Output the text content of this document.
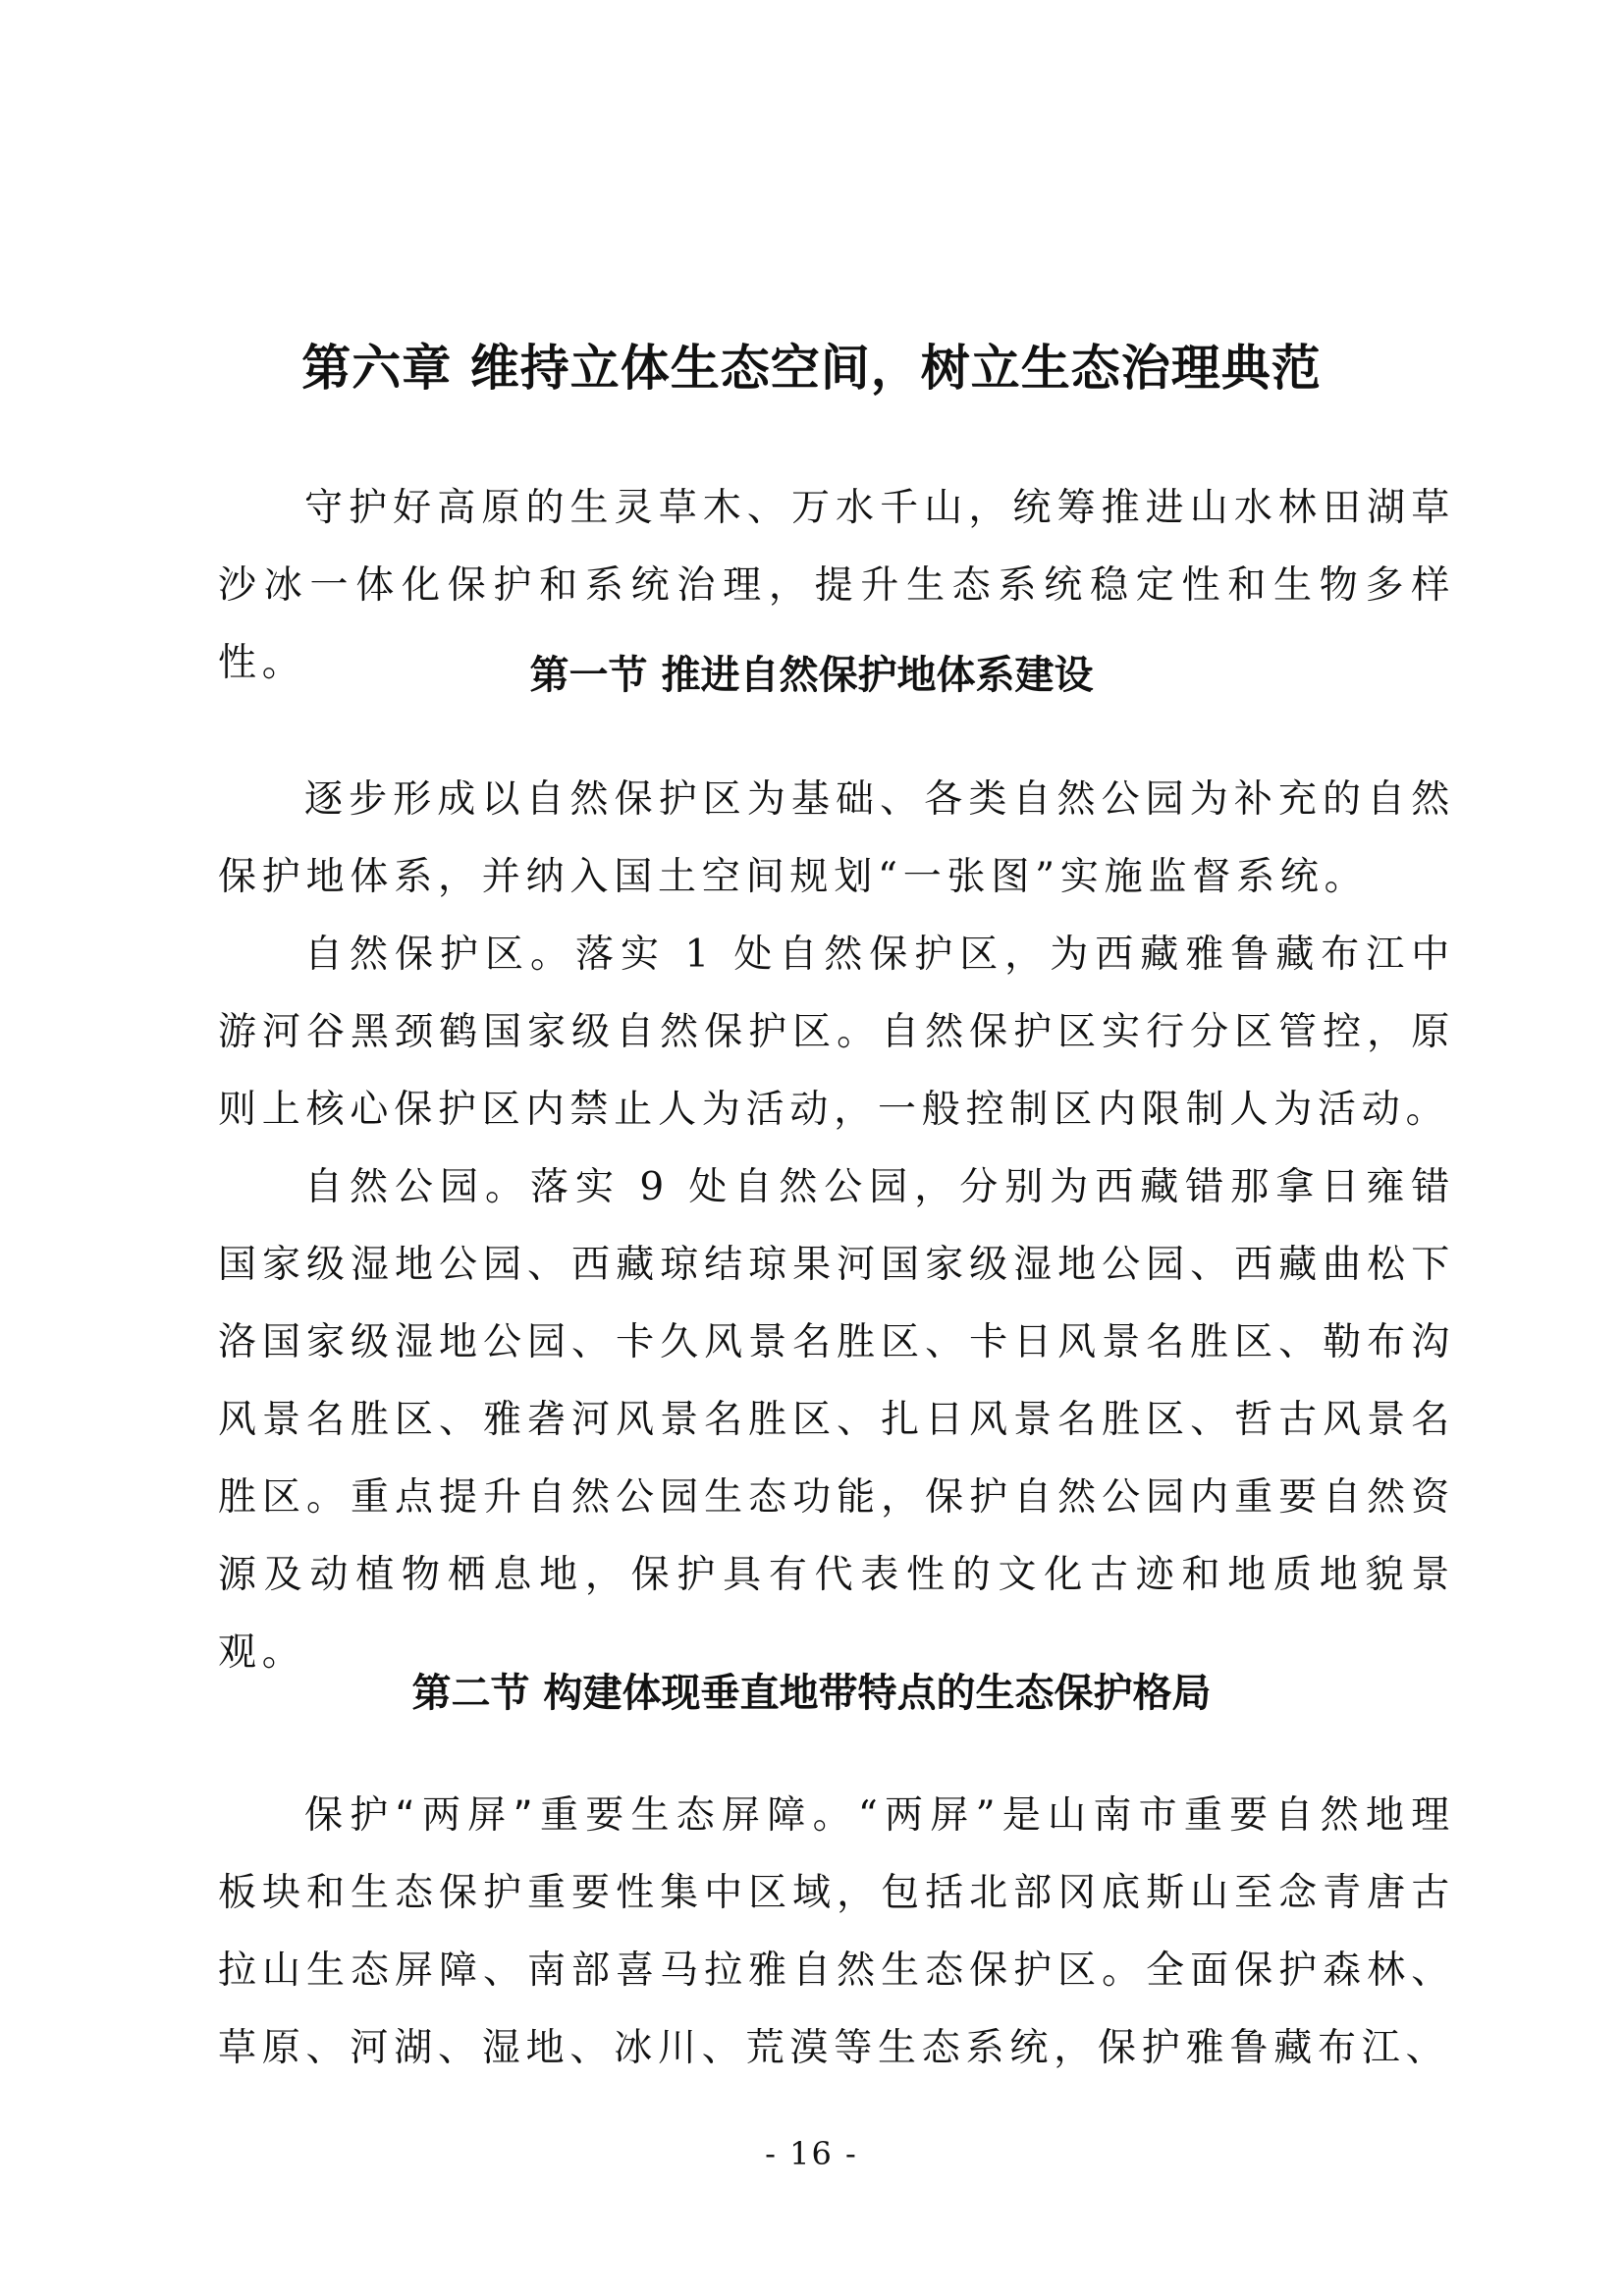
第六章 维持立体生态空间，树立生态治理典范

守护好高原的生灵草木、万水千山，统筹推进山水林田湖草沙冰一体化保护和系统治理，提升生态系统稳定性和生物多样性。	第一节 推进自然保护地体系建设

逐步形成以自然保护区为基础、各类自然公园为补充的自然保护地体系，并纳入国土空间规划“一张图”实施监督系统。

自然保护区。落实 1 处自然保护区，为西藏雅鲁藏布江中游河谷黑颈鹤国家级自然保护区。自然保护区实行分区管控，原则上核心保护区内禁止人为活动，一般控制区内限制人为活动。

自然公园。落实 9 处自然公园，分别为西藏错那拿日雍错国家级湿地公园、西藏琼结琼果河国家级湿地公园、西藏曲松下洛国家级湿地公园、卡久风景名胜区、卡日风景名胜区、勒布沟风景名胜区、雅砻河风景名胜区、扎日风景名胜区、哲古风景名胜区。重点提升自然公园生态功能，保护自然公园内重要自然资源及动植物栖息地，保护具有代表性的文化古迹和地质地貌景观。

第二节 构建体现垂直地带特点的生态保护格局

保护“两屏”重要生态屏障。“两屏”是山南市重要自然地理板块和生态保护重要性集中区域，包括北部冈底斯山至念青唐古拉山生态屏障、南部喜马拉雅自然生态保护区。全面保护森林、草原、河湖、湿地、冰川、荒漠等生态系统，保护雅鲁藏布江、

- 16 -
